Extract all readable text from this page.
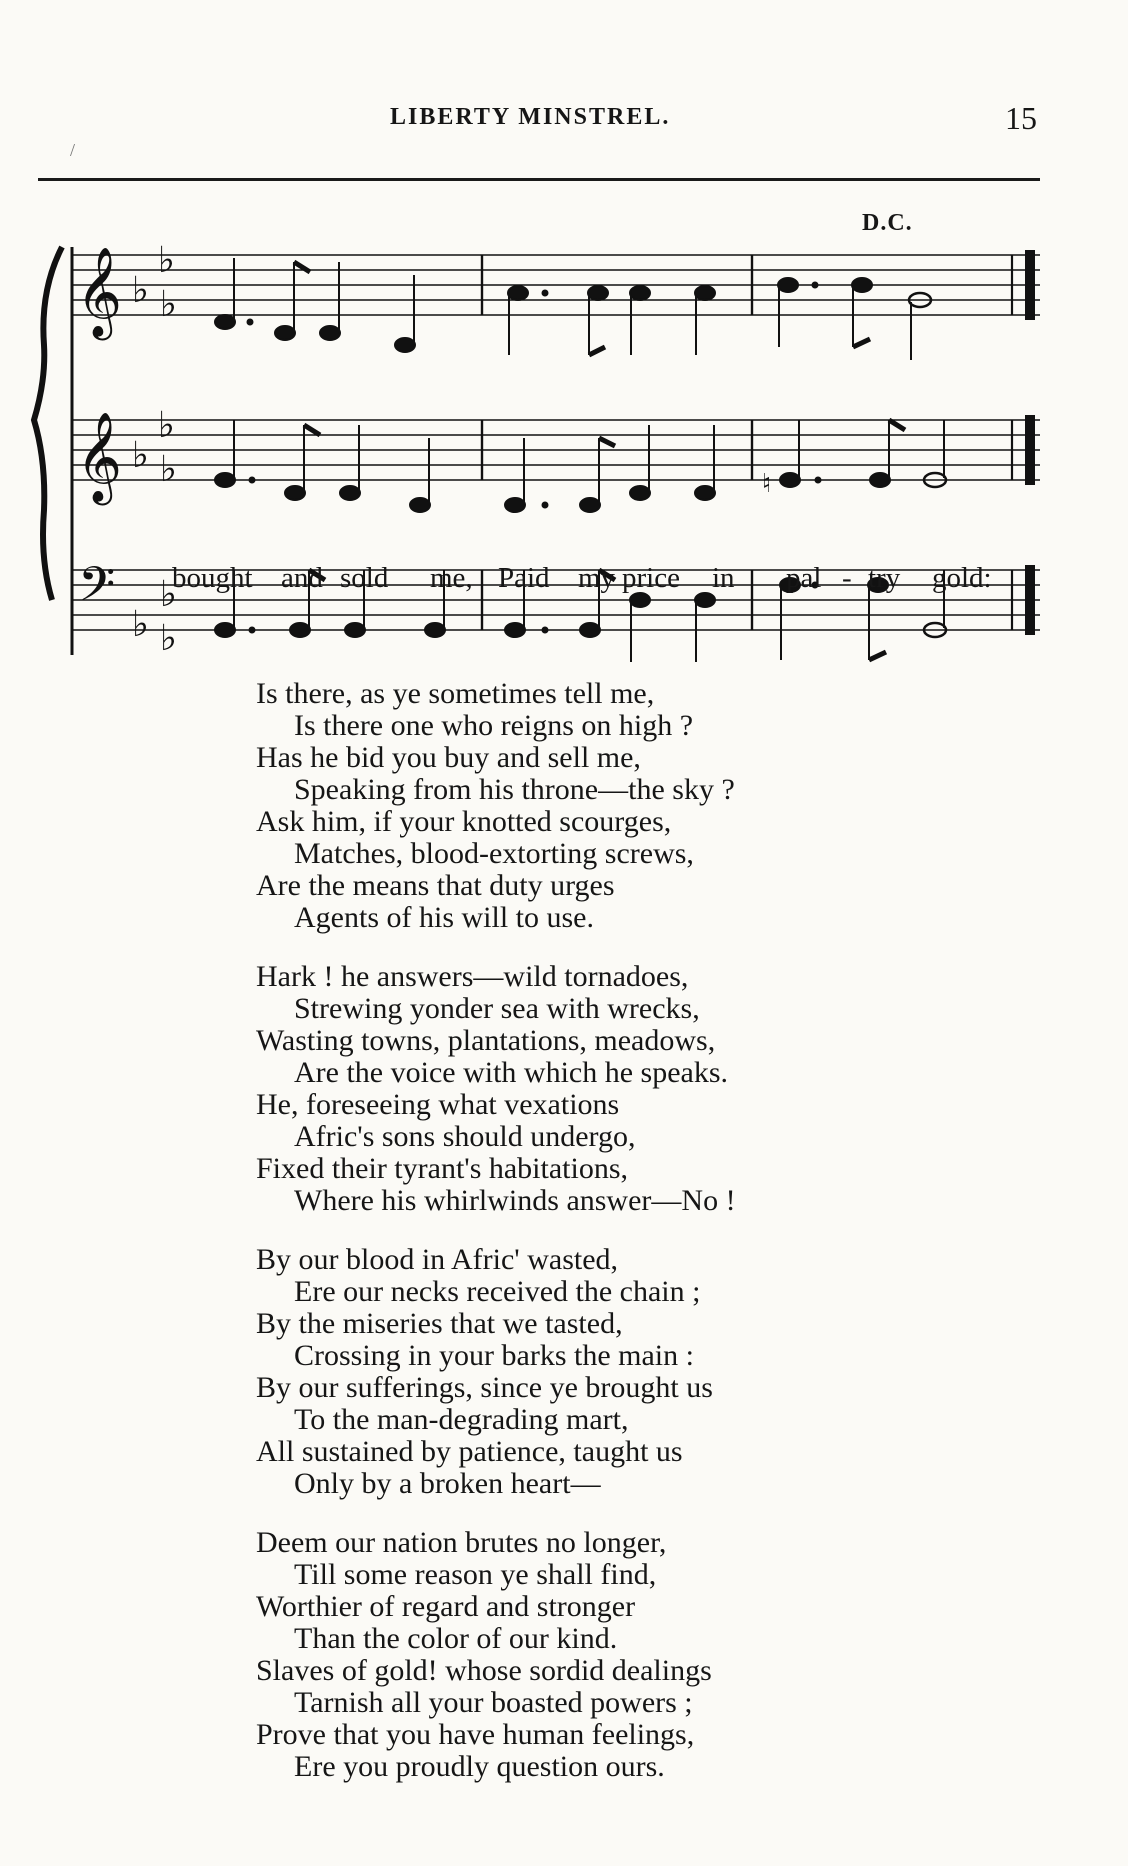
LIBERTY MINSTREL.	15
/
𝄞
𝄞
𝄢
♭
♭ ♭
♭
♭ ♭
♭
♭ ♭
♮
D.C.
bought and sold me, Paid my price in pal - try gold:
Is there, as ye sometimes tell me,
Is there one who reigns on high ?
Has he bid you buy and sell me,
Speaking from his throne—the sky ?
Ask him, if your knotted scourges,
Matches, blood-extorting screws,
Are the means that duty urges
Agents of his will to use.
Hark ! he answers—wild tornadoes,
Strewing yonder sea with wrecks,
Wasting towns, plantations, meadows,
Are the voice with which he speaks.
He, foreseeing what vexations
Afric's sons should undergo,
Fixed their tyrant's habitations,
Where his whirlwinds answer—No !
By our blood in Afric' wasted,
Ere our necks received the chain ;
By the miseries that we tasted,
Crossing in your barks the main :
By our sufferings, since ye brought us
To the man-degrading mart,
All sustained by patience, taught us
Only by a broken heart—
Deem our nation brutes no longer,
Till some reason ye shall find,
Worthier of regard and stronger
Than the color of our kind.
Slaves of gold! whose sordid dealings
Tarnish all your boasted powers ;
Prove that you have human feelings,
Ere you proudly question ours.
